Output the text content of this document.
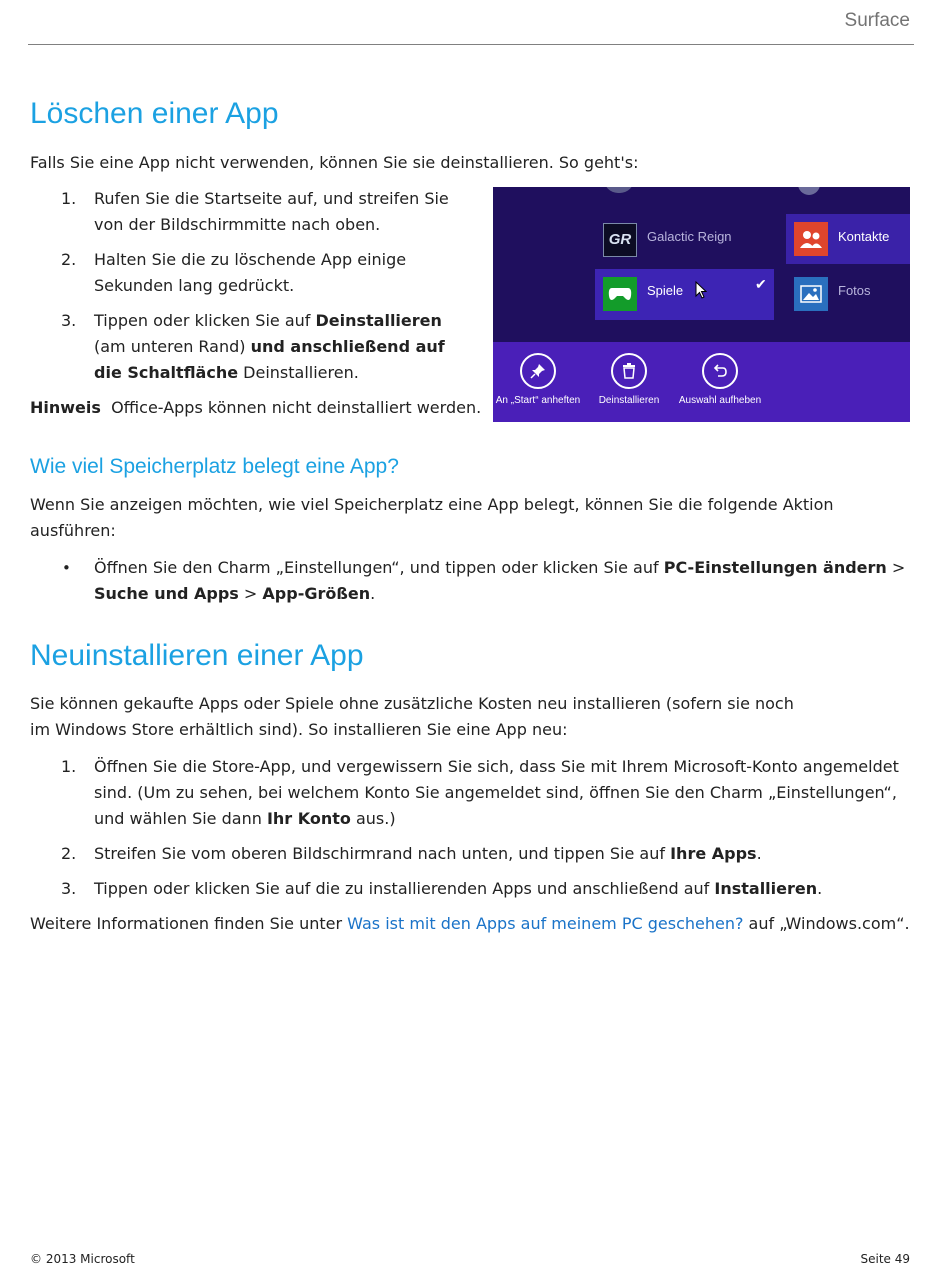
Surface
Löschen einer App

Falls Sie eine App nicht verwenden, können Sie sie deinstallieren. So geht's:

1. Rufen Sie die Startseite auf, und streifen Sie von der Bildschirmmitte nach oben.
2. Halten Sie die zu löschende App einige Sekunden lang gedrückt.
3. Tippen oder klicken Sie auf Deinstallieren (am unteren Rand) und anschließend auf die Schaltfläche Deinstallieren.

Hinweis  Office-Apps können nicht deinstalliert werden.

Wie viel Speicherplatz belegt eine App?

Wenn Sie anzeigen möchten, wie viel Speicherplatz eine App belegt, können Sie die folgende Aktion ausführen:

• Öffnen Sie den Charm „Einstellungen“, und tippen oder klicken Sie auf PC-Einstellungen ändern > Suche und Apps > App-Größen.
Neuinstallieren einer App

Sie können gekaufte Apps oder Spiele ohne zusätzliche Kosten neu installieren (sofern sie noch im Windows Store erhältlich sind). So installieren Sie eine App neu:

1. Öffnen Sie die Store-App, und vergewissern Sie sich, dass Sie mit Ihrem Microsoft-Konto angemeldet sind. (Um zu sehen, bei welchem Konto Sie angemeldet sind, öffnen Sie den Charm „Einstellungen“, und wählen Sie dann Ihr Konto aus.)
2. Streifen Sie vom oberen Bildschirmrand nach unten, und tippen Sie auf Ihre Apps.
3. Tippen oder klicken Sie auf die zu installierenden Apps und anschließend auf Installieren.

Weitere Informationen finden Sie unter Was ist mit den Apps auf meinem PC geschehen? auf „Windows.com“.

GR Galactic Reign	Kontakte
Spiele	✔	Fotos
An „Start“ anheften	Deinstallieren	Auswahl aufheben
© 2013 Microsoft	Seite 49
